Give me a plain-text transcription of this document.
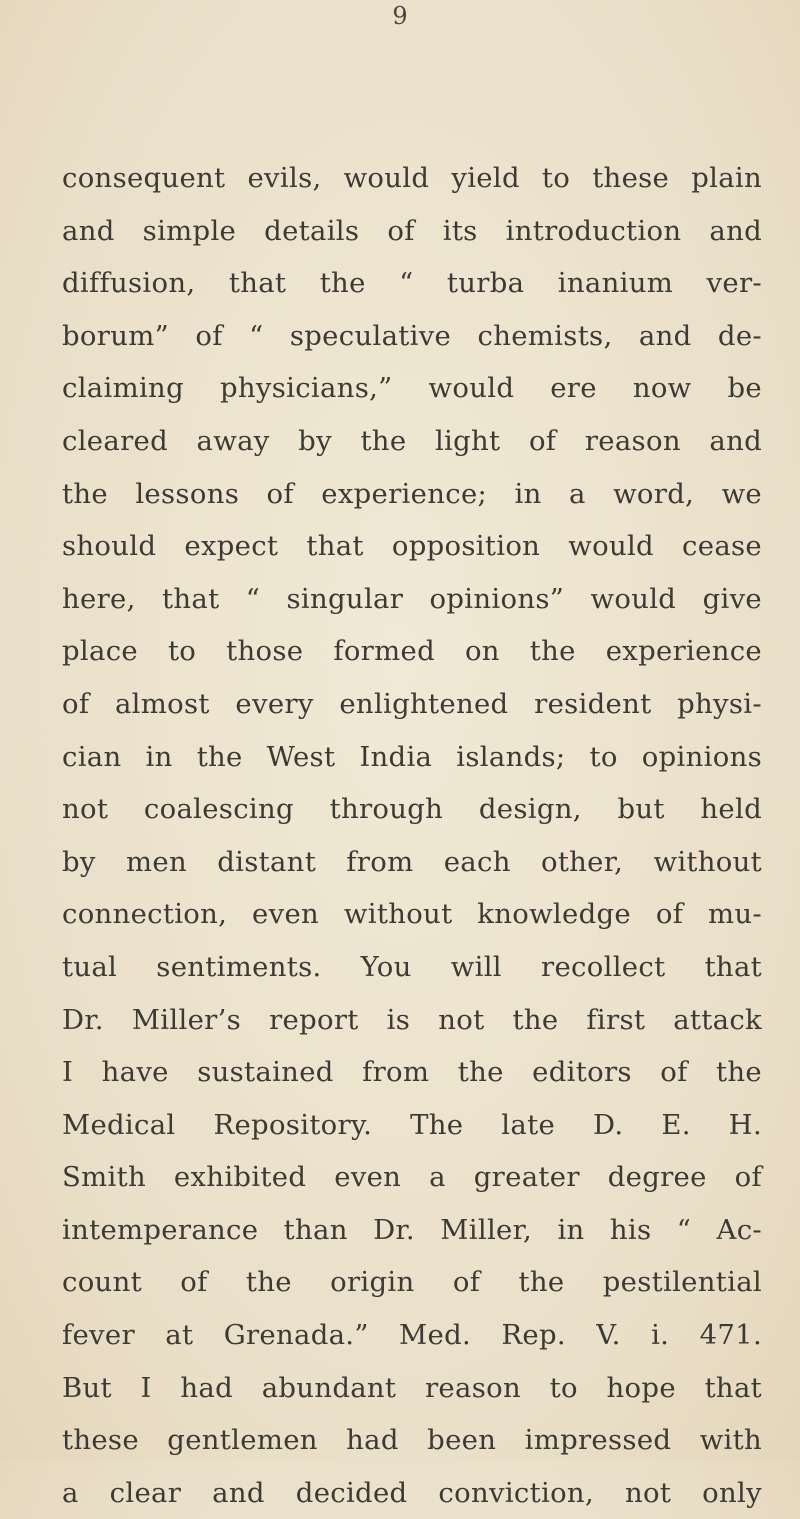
9
consequent evils, would yield to these plain
and simple details of its introduction and
diffusion, that the “ turba inanium ver-
borum” of “ speculative chemists, and de-
claiming physicians,” would ere now be
cleared away by the light of reason and
the lessons of experience; in a word, we
should expect that opposition would cease
here, that “ singular opinions” would give
place to those formed on the experience
of almost every enlightened resident physi-
cian in the West India islands; to opinions
not coalescing through design, but held
by men distant from each other, without
connection, even without knowledge of mu-
tual sentiments. You will recollect that
Dr. Miller’s report is not the first attack
I have sustained from the editors of the
Medical Repository. The late D. E. H.
Smith exhibited even a greater degree of
intemperance than Dr. Miller, in his “ Ac-
count of the origin of the pestilential
fever at Grenada.” Med. Rep. V. i. 471.
But I had abundant reason to hope that
these gentlemen had been impressed with
a clear and decided conviction, not only
